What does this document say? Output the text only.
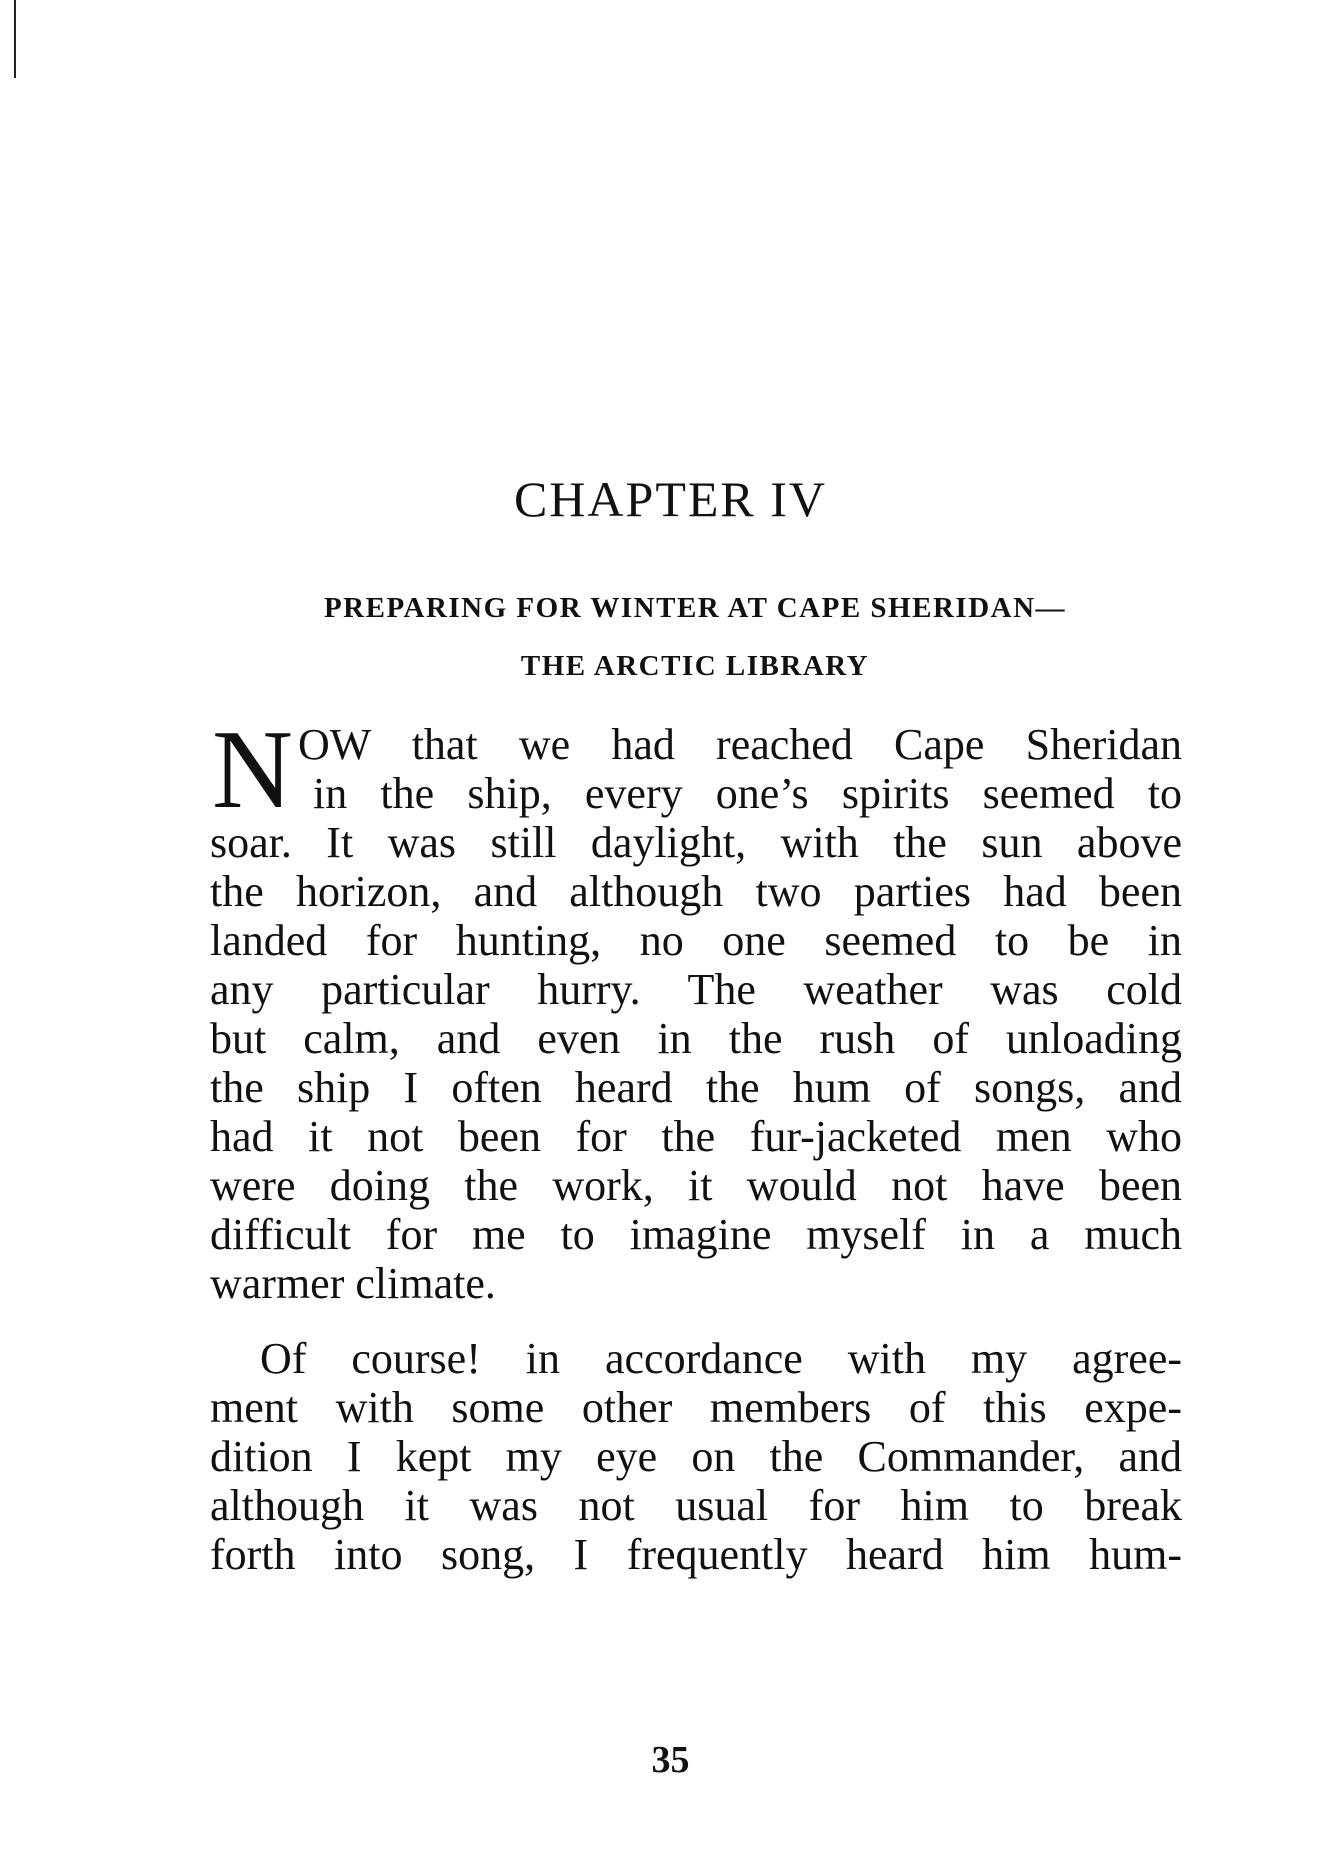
CHAPTER IV
PREPARING FOR WINTER AT CAPE SHERIDAN—
THE ARCTIC LIBRARY
N OW that we had reached Cape Sheridan
in the ship, every one’s spirits seemed to
soar. It was still daylight, with the sun above
the horizon, and although two parties had been
landed for hunting, no one seemed to be in
any particular hurry. The weather was cold
but calm, and even in the rush of unloading
the ship I often heard the hum of songs, and
had it not been for the fur-jacketed men who
were doing the work, it would not have been
difficult for me to imagine myself in a much
warmer climate.
Of course! in accordance with my agree-
ment with some other members of this expe-
dition I kept my eye on the Commander, and
although it was not usual for him to break
forth into song, I frequently heard him hum-
35
